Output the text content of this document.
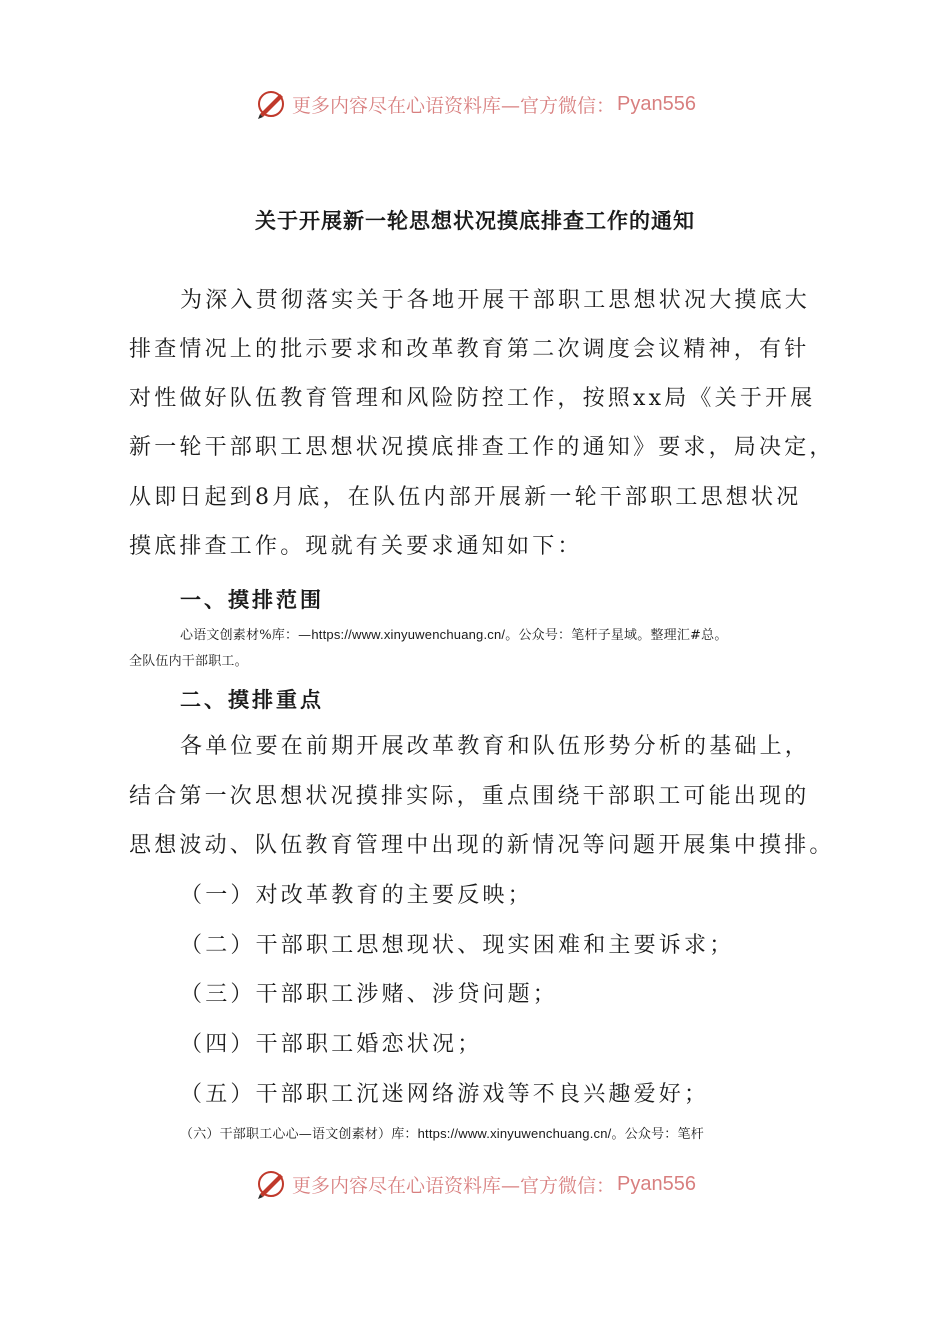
更多内容尽在心语资料库—官方微信： Pyan556
关于开展新一轮思想状况摸底排查工作的通知
为深入贯彻落实关于各地开展干部职工思想状况大摸底大
排查情况上的批示要求和改革教育第二次调度会议精神，有针
对性做好队伍教育管理和风险防控工作，按照xx局《关于开展
新一轮干部职工思想状况摸底排查工作的通知》要求，局决定，
从即日起到8月底，在队伍内部开展新一轮干部职工思想状况
摸底排查工作。现就有关要求通知如下：
一、摸排范围
心语文创素材%库：—https://www.xinyuwenchuang.cn/。公众号：笔杆子星域。整理汇#总。
全队伍内干部职工。
二、摸排重点
各单位要在前期开展改革教育和队伍形势分析的基础上，
结合第一次思想状况摸排实际，重点围绕干部职工可能出现的
思想波动、队伍教育管理中出现的新情况等问题开展集中摸排。
（一）对改革教育的主要反映；
（二）干部职工思想现状、现实困难和主要诉求；
（三）干部职工涉赌、涉贷问题；
（四）干部职工婚恋状况；
（五）干部职工沉迷网络游戏等不良兴趣爱好；
（六）干部职工心心—语文创素材）库：https://www.xinyuwenchuang.cn/。公众号：笔杆
更多内容尽在心语资料库—官方微信： Pyan556
